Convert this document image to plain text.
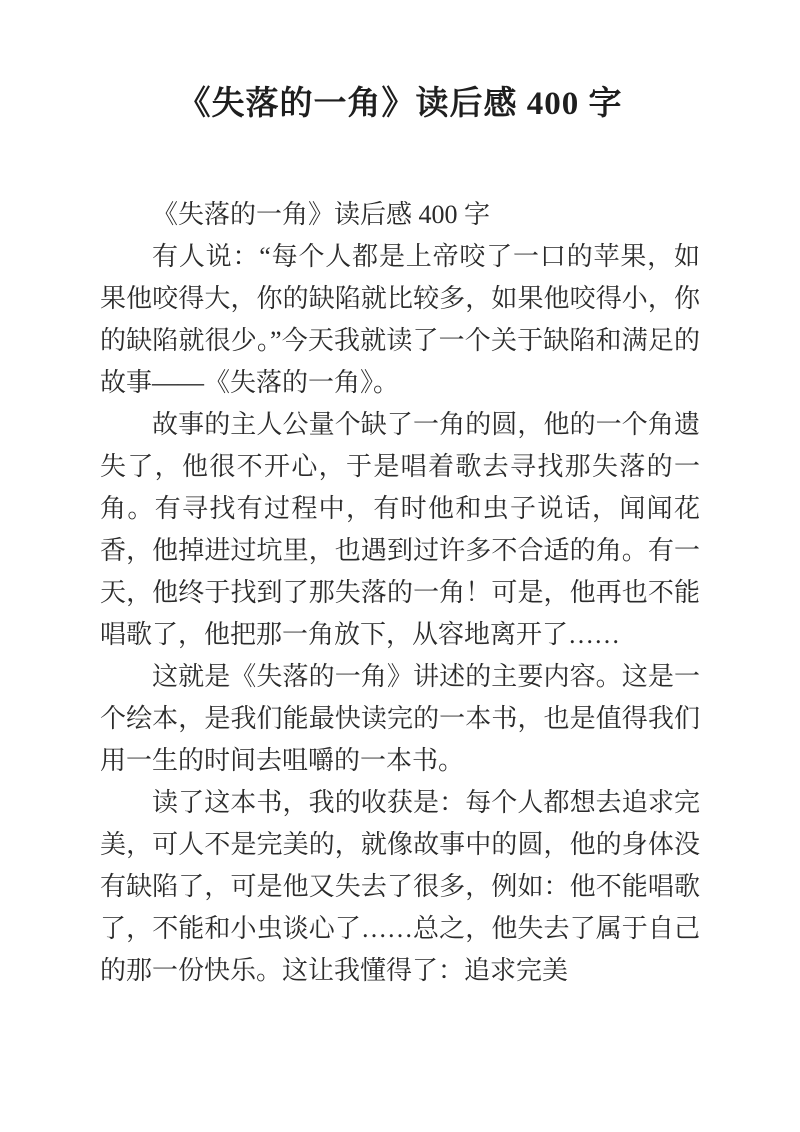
《失落的一角》读后感 400 字

《失落的一角》读后感 400 字

有人说：“每个人都是上帝咬了一口的苹果，如果他咬得大，你的缺陷就比较多，如果他咬得小，你的缺陷就很少。”今天我就读了一个关于缺陷和满足的故事——《失落的一角》。

故事的主人公量个缺了一角的圆，他的一个角遗失了，他很不开心，于是唱着歌去寻找那失落的一角。有寻找有过程中，有时他和虫子说话，闻闻花香，他掉进过坑里，也遇到过许多不合适的角。有一天，他终于找到了那失落的一角！可是，他再也不能唱歌了，他把那一角放下，从容地离开了……

这就是《失落的一角》讲述的主要内容。这是一个绘本，是我们能最快读完的一本书，也是值得我们用一生的时间去咀嚼的一本书。

读了这本书，我的收获是：每个人都想去追求完美，可人不是完美的，就像故事中的圆，他的身体没有缺陷了，可是他又失去了很多，例如：他不能唱歌了，不能和小虫谈心了……总之，他失去了属于自己的那一份快乐。这让我懂得了：追求完美
